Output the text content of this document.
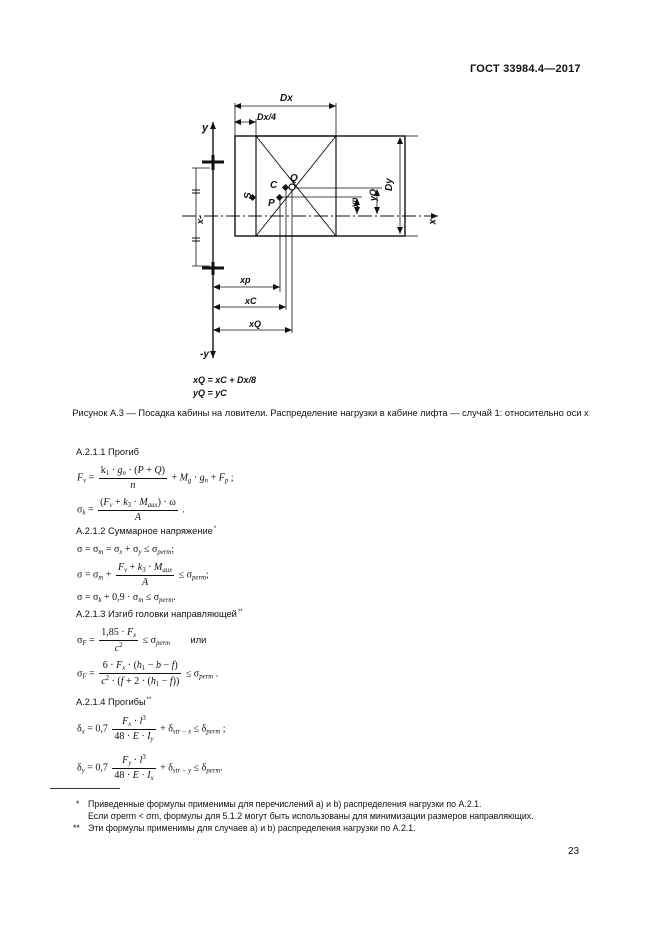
ГОСТ 33984.4—2017
Dx
Dx/4
Dy
y
-y
x
-x
S
C
Q
P	yp
yQ
xp
xC
xQ
xQ = xC + Dx/8
yQ = yC
Рисунок А.3 — Посадка кабины на ловители. Распределение нагрузки в кабине лифта — случай 1: относительно оси x
А.2.1.1 Прогиб
$F_v = \frac{k_1 \cdot g_n \cdot (P + Q)}{n} + M_g \cdot g_n + F_p$ ;
$\sigma_k = \frac{(F_v + k_3 \cdot M_{aux}) \cdot \omega}{A}$ .
А.2.1.2 Суммарное напряжение*
$\sigma = \sigma_m = \sigma_x + \sigma_y \le \sigma_{perm}$;
$\sigma = \sigma_m + \frac{F_v + k_3 \cdot M_{aux}}{A} \le \sigma_{perm}$;
$\sigma = \sigma_k + 0,9 \cdot \sigma_m \le \sigma_{perm}$.
А.2.1.3 Изгиб головки направляющей**
$\sigma_F = \frac{1,85 \cdot F_x}{c^2} \le \sigma_{perm}$ или
$\sigma_F = \frac{6 \cdot F_x \cdot (h_1 - b - f)}{c^2 \cdot (f + 2 \cdot (h_1 - f))} \le \sigma_{perm}$ .
А.2.1.4 Прогибы**
$\delta_x = 0,7 \frac{F_x \cdot l^3}{48 \cdot E \cdot I_y} + \delta_{str - x} \le \delta_{perm}$ ;
$\delta_y = 0,7 \frac{F_y \cdot l^3}{48 \cdot E \cdot I_x} + \delta_{str - y} \le \delta_{perm}$.
* Приведенные формулы применимы для перечислений a) и b) распределения нагрузки по А.2.1.
Если σperm < σm, формулы для 5.1.2 могут быть использованы для минимизации размеров направляющих.
** Эти формулы применимы для случаев a) и b) распределения нагрузки по А.2.1.
23
